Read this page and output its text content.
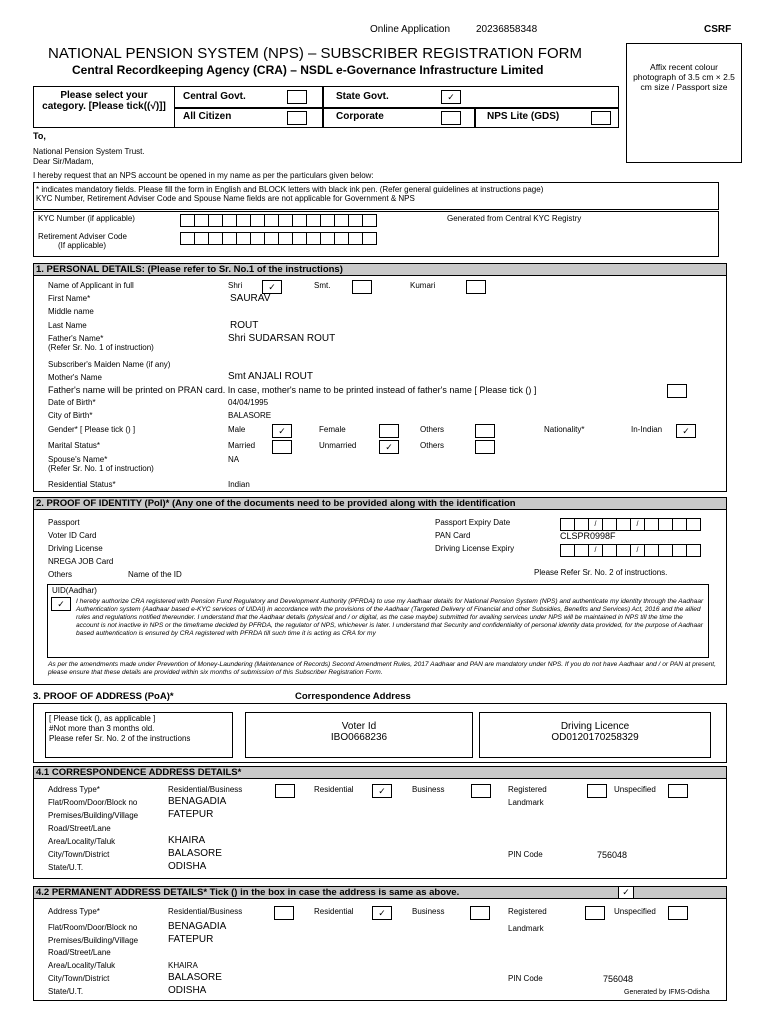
Online Application	20236858348	CSRF
NATIONAL PENSION SYSTEM (NPS) – SUBSCRIBER REGISTRATION FORM
Central Recordkeeping Agency (CRA) – NSDL e-Governance Infrastructure Limited	Affix recent colour photograph of 3.5 cm × 2.5 cm size / Passport size
Please select your category. [Please tick((√)]]
Central Govt.	State Govt.	✓
All Citizen	Corporate	NPS Lite (GDS)
To,
National Pension System Trust.
Dear Sir/Madam,
I hereby request that an NPS account be opened in my name as per the particulars given below:
* indicates mandatory fields. Please fill the form in English and BLOCK letters with black ink pen. (Refer general guidelines at instructions page)
KYC Number, Retirement Adviser Code and Spouse Name fields are not applicable for Government & NPS
KYC Number (if applicable)	Generated from Central KYC Registry
Retirement Adviser Code
(If applicable)
1. PERSONAL DETAILS: (Please refer to Sr. No.1 of the instructions)
Name of Applicant in full	Shri	✓	Smt.	Kumari
First Name*	SAURAV
Middle name
Last Name	ROUT
Father's Name*
(Refer Sr. No. 1 of instruction)
Shri SUDARSAN ROUT
Subscriber's Maiden Name (if any)
Mother's Name	Smt ANJALI ROUT
Father's name will be printed on PRAN card. In case, mother's name to be printed instead of father's name [ Please tick () ]
Date of Birth*	04/04/1995
City of Birth*	BALASORE
Gender* [ Please tick () ]	Male	✓	Female	Others	Nationality*	In-Indian	✓
Marital Status*	Married	Unmarried	✓	Others
Spouse's Name*
(Refer Sr. No. 1 of instruction)
NA
Residential Status*	Indian
2. PROOF OF IDENTITY (PoI)* (Any one of the documents need to be provided along with the identification
Passport
Voter ID Card
Driving License
NREGA JOB Card
Others	Name of the ID
Passport Expiry Date	/	/
PAN Card	CLSPR0998F
Driving License Expiry	/	/
Please Refer Sr. No. 2 of instructions.
UID(Aadhar)
✓	I hereby authorize CRA registered with Pension Fund Regulatory and Development Authority (PFRDA) to use my Aadhaar details for National Pension System (NPS) and authenticate my identity through the Aadhaar Authentication system (Aadhaar based e-KYC services of UIDAI) in accordance with the provisions of the Aadhaar (Targeted Delivery of Financial and other Subsidies, Benefits and Services) Act, 2016 and the allied rules and regulations notified thereunder. I understand that the Aadhaar details (physical and / or digital, as the case maybe) submitted for availing services under NPS will be maintained in NPS till the time the account is not inactive in NPS or the timeframe decided by PFRDA, the regulator of NPS, whichever is later. I understand that Security and confidentiality of personal identity data provided, for the purpose of Aadhaar based authentication is ensured by CRA registered with PFRDA till such time it is acting as CRA for my
As per the amendments made under Prevention of Money-Laundering (Maintenance of Records) Second Amendment Rules, 2017 Aadhaar and PAN are mandatory under NPS. If you do not have Aadhaar and / or PAN at present, please ensure that these details are provided within six months of submission of this Subscriber Registration Form.
3. PROOF OF ADDRESS (PoA)*	Correspondence Address
[ Please tick (), as applicable ]
#Not more than 3 months old.
Please refer Sr. No. 2 of the instructions
Voter Id
IBO0668236
Driving Licence
OD0120170258329
4.1 CORRESPONDENCE ADDRESS DETAILS*
Address Type*	Residential/Business	Residential	✓	Business	Registered	Unspecified
Flat/Room/Door/Block no	BENAGADIA	Landmark
Premises/Building/Village	FATEPUR
Road/Street/Lane
Area/Locality/Taluk	KHAIRA
City/Town/District	BALASORE	PIN Code	756048
State/U.T.	ODISHA
4.2 PERMANENT ADDRESS DETAILS* Tick () in the box in case the address is same as above.	✓
Address Type*	Residential/Business	Residential	✓	Business	Registered	Unspecified
Flat/Room/Door/Block no	BENAGADIA	Landmark
Premises/Building/Village	FATEPUR
Road/Street/Lane
Area/Locality/Taluk	KHAIRA
City/Town/District	BALASORE	PIN Code	756048
State/U.T.	ODISHA	Generated by IFMS-Odisha
